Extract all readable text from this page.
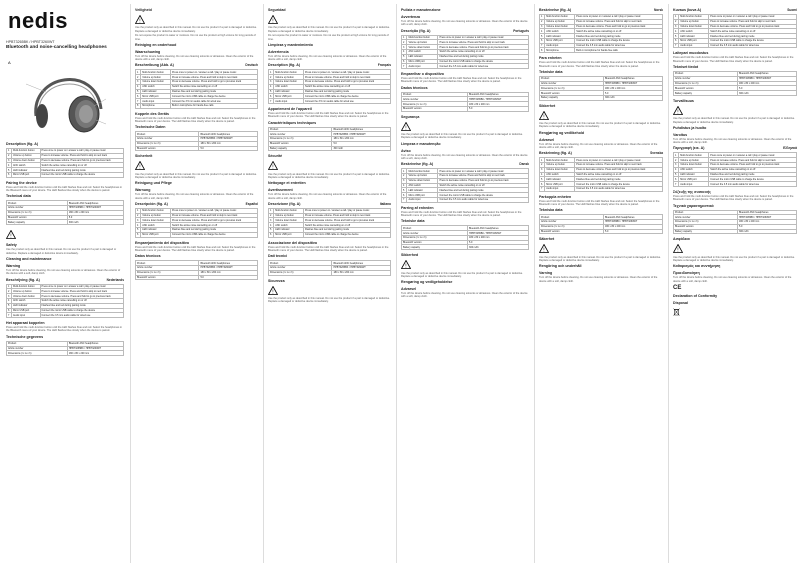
nedis
HPBT3265BK / HPBT3260WT
Bluetooth and noise-cancelling headphones
A
Description (fig. A)
1	Multi-function button	Press once to power on / answer a call / play or pause music
2	Volume up button	Press to increase volume. Press and hold to skip to next track
3	Volume down button	Press to decrease volume. Press and hold to go to previous track
4	ANC switch	Switch the active noise cancelling on or off
5	LED indicator	Flashes blue and red during pairing mode
6	Micro USB port	Connect the micro USB cable to charge the device
Pairing the device
Press and hold the multi-function button until the LED flashes blue and red. Select the headphones in the Bluetooth menu of your device. The LED flashes blue slowly when the device is paired.
Technical data
Product	Bluetooth ANC headphones
Article number	HPBT3265BK / HPBT3260WT
Dimensions (l x w x h)	180 x 80 x 200 mm
Bluetooth version	5.0
Battery capacity	300 mAh
!
Safety
Use the product only as described in this manual. Do not use the product if a part is damaged or defective. Replace a damaged or defective device immediately.
Cleaning and maintenance
Warning
Turn off the device before cleaning. Do not use cleaning solvents or abrasives. Clean the exterior of the device with a soft, damp cloth.
Beschrijving (fig. A)	Nederlands
1	Multi-function button	Press once to power on / answer a call / play or pause music
2	Volume up button	Press to increase volume. Press and hold to skip to next track
3	Volume down button	Press to decrease volume. Press and hold to go to previous track
4	ANC switch	Switch the active noise cancelling on or off
5	LED indicator	Flashes blue and red during pairing mode
6	Micro USB port	Connect the micro USB cable to charge the device
7	Audio input	Connect the 3.5 mm audio cable for wired use
Het apparaat koppelen
Press and hold the multi-function button until the LED flashes blue and red. Select the headphones in the Bluetooth menu of your device. The LED flashes blue slowly when the device is paired.
Technische gegevens
Product	Bluetooth ANC headphones
Article number	HPBT3265BK / HPBT3260WT
Dimensions (l x w x h)	180 x 80 x 200 mm
Veiligheid
!
Use the product only as described in this manual. Do not use the product if a part is damaged or defective. Replace a damaged or defective device immediately.
Do not expose the product to water or moisture. Do not use the product at high volume for long periods of time.
Reiniging en onderhoud
Waarschuwing
Turn off the device before cleaning. Do not use cleaning solvents or abrasives. Clean the exterior of the device with a soft, damp cloth.
Beschreibung (Abb. A)	Deutsch
1	Multi-function button	Press once to power on / answer a call / play or pause music
2	Volume up button	Press to increase volume. Press and hold to skip to next track
3	Volume down button	Press to decrease volume. Press and hold to go to previous track
4	ANC switch	Switch the active noise cancelling on or off
5	LED indicator	Flashes blue and red during pairing mode
6	Micro USB port	Connect the micro USB cable to charge the device
7	Audio input	Connect the 3.5 mm audio cable for wired use
8	Microphone	Built-in microphone for hands-free calls
Koppeln des Geräts
Press and hold the multi-function button until the LED flashes blue and red. Select the headphones in the Bluetooth menu of your device. The LED flashes blue slowly when the device is paired.
Technische Daten
Product	Bluetooth ANC headphones
Article number	HPBT3265BK / HPBT3260WT
Dimensions (l x w x h)	180 x 80 x 200 mm
Bluetooth version	5.0
Sicherheit
!
Use the product only as described in this manual. Do not use the product if a part is damaged or defective. Replace a damaged or defective device immediately.
Reinigung und Pflege
Warnung
Turn off the device before cleaning. Do not use cleaning solvents or abrasives. Clean the exterior of the device with a soft, damp cloth.
Descripción (fig. A)	Español
1	Multi-function button	Press once to power on / answer a call / play or pause music
2	Volume up button	Press to increase volume. Press and hold to skip to next track
3	Volume down button	Press to decrease volume. Press and hold to go to previous track
4	ANC switch	Switch the active noise cancelling on or off
5	LED indicator	Flashes blue and red during pairing mode
6	Micro USB port	Connect the micro USB cable to charge the device
Emparejamiento del dispositivo
Press and hold the multi-function button until the LED flashes blue and red. Select the headphones in the Bluetooth menu of your device. The LED flashes blue slowly when the device is paired.
Datos técnicos
Product	Bluetooth ANC headphones
Article number	HPBT3265BK / HPBT3260WT
Dimensions (l x w x h)	180 x 80 x 200 mm
Bluetooth version	5.0
Seguridad
!
Use the product only as described in this manual. Do not use the product if a part is damaged or defective. Replace a damaged or defective device immediately.
Do not expose the product to water or moisture. Do not use the product at high volume for long periods of time.
Limpieza y mantenimiento
Advertencia
Turn off the device before cleaning. Do not use cleaning solvents or abrasives. Clean the exterior of the device with a soft, damp cloth.
Description (fig. A)	Français
1	Multi-function button	Press once to power on / answer a call / play or pause music
2	Volume up button	Press to increase volume. Press and hold to skip to next track
3	Volume down button	Press to decrease volume. Press and hold to go to previous track
4	ANC switch	Switch the active noise cancelling on or off
5	LED indicator	Flashes blue and red during pairing mode
6	Micro USB port	Connect the micro USB cable to charge the device
7	Audio input	Connect the 3.5 mm audio cable for wired use
Appariement de l'appareil
Press and hold the multi-function button until the LED flashes blue and red. Select the headphones in the Bluetooth menu of your device. The LED flashes blue slowly when the device is paired.
Caractéristiques techniques
Product	Bluetooth ANC headphones
Article number	HPBT3265BK / HPBT3260WT
Dimensions (l x w x h)	180 x 80 x 200 mm
Bluetooth version	5.0
Battery capacity	300 mAh
Sécurité
!
Use the product only as described in this manual. Do not use the product if a part is damaged or defective. Replace a damaged or defective device immediately.
Nettoyage et entretien
Avertissement
Turn off the device before cleaning. Do not use cleaning solvents or abrasives. Clean the exterior of the device with a soft, damp cloth.
Descrizione (fig. A)	Italiano
1	Multi-function button	Press once to power on / answer a call / play or pause music
2	Volume up button	Press to increase volume. Press and hold to skip to next track
3	Volume down button	Press to decrease volume. Press and hold to go to previous track
4	ANC switch	Switch the active noise cancelling on or off
5	LED indicator	Flashes blue and red during pairing mode
6	Micro USB port	Connect the micro USB cable to charge the device
Associazione del dispositivo
Press and hold the multi-function button until the LED flashes blue and red. Select the headphones in the Bluetooth menu of your device. The LED flashes blue slowly when the device is paired.
Dati tecnici
Product	Bluetooth ANC headphones
Article number	HPBT3265BK / HPBT3260WT
Dimensions (l x w x h)	180 x 80 x 200 mm
Sicurezza
!
Use the product only as described in this manual. Do not use the product if a part is damaged or defective. Replace a damaged or defective device immediately.
Pulizia e manutenzione
Avvertenza
Turn off the device before cleaning. Do not use cleaning solvents or abrasives. Clean the exterior of the device with a soft, damp cloth.
Descrição (fig. A)	Português
1	Multi-function button	Press once to power on / answer a call / play or pause music
2	Volume up button	Press to increase volume. Press and hold to skip to next track
3	Volume down button	Press to decrease volume. Press and hold to go to previous track
4	ANC switch	Switch the active noise cancelling on or off
5	LED indicator	Flashes blue and red during pairing mode
6	Micro USB port	Connect the micro USB cable to charge the device
7	Audio input	Connect the 3.5 mm audio cable for wired use
Emparelhar o dispositivo
Press and hold the multi-function button until the LED flashes blue and red. Select the headphones in the Bluetooth menu of your device. The LED flashes blue slowly when the device is paired.
Dados técnicos
Product	Bluetooth ANC headphones
Article number	HPBT3265BK / HPBT3260WT
Dimensions (l x w x h)	180 x 80 x 200 mm
Bluetooth version	5.0
Segurança
!
Use the product only as described in this manual. Do not use the product if a part is damaged or defective. Replace a damaged or defective device immediately.
Limpeza e manutenção
Aviso
Turn off the device before cleaning. Do not use cleaning solvents or abrasives. Clean the exterior of the device with a soft, damp cloth.
Beskrivelse (fig. A)	Dansk
1	Multi-function button	Press once to power on / answer a call / play or pause music
2	Volume up button	Press to increase volume. Press and hold to skip to next track
3	Volume down button	Press to decrease volume. Press and hold to go to previous track
4	ANC switch	Switch the active noise cancelling on or off
5	LED indicator	Flashes blue and red during pairing mode
6	Micro USB port	Connect the micro USB cable to charge the device
7	Audio input	Connect the 3.5 mm audio cable for wired use
Parring af enheden
Press and hold the multi-function button until the LED flashes blue and red. Select the headphones in the Bluetooth menu of your device. The LED flashes blue slowly when the device is paired.
Tekniske data
Product	Bluetooth ANC headphones
Article number	HPBT3265BK / HPBT3260WT
Dimensions (l x w x h)	180 x 80 x 200 mm
Bluetooth version	5.0
Battery capacity	300 mAh
Sikkerhed
!
Use the product only as described in this manual. Do not use the product if a part is damaged or defective. Replace a damaged or defective device immediately.
Rengøring og vedligeholdelse
Advarsel
Turn off the device before cleaning. Do not use cleaning solvents or abrasives. Clean the exterior of the device with a soft, damp cloth.
Beskrivelse (fig. A)	Norsk
1	Multi-function button	Press once to power on / answer a call / play or pause music
2	Volume up button	Press to increase volume. Press and hold to skip to next track
3	Volume down button	Press to decrease volume. Press and hold to go to previous track
4	ANC switch	Switch the active noise cancelling on or off
5	LED indicator	Flashes blue and red during pairing mode
6	Micro USB port	Connect the micro USB cable to charge the device
7	Audio input	Connect the 3.5 mm audio cable for wired use
8	Microphone	Built-in microphone for hands-free calls
Para enheten
Press and hold the multi-function button until the LED flashes blue and red. Select the headphones in the Bluetooth menu of your device. The LED flashes blue slowly when the device is paired.
Tekniske data
Product	Bluetooth ANC headphones
Article number	HPBT3265BK / HPBT3260WT
Dimensions (l x w x h)	180 x 80 x 200 mm
Bluetooth version	5.0
Battery capacity	300 mAh
Sikkerhet
!
Use the product only as described in this manual. Do not use the product if a part is damaged or defective. Replace a damaged or defective device immediately.
Rengjøring og vedlikehold
Advarsel
Turn off the device before cleaning. Do not use cleaning solvents or abrasives. Clean the exterior of the device with a soft, damp cloth.
Beskrivning (fig. A)	Svenska
1	Multi-function button	Press once to power on / answer a call / play or pause music
2	Volume up button	Press to increase volume. Press and hold to skip to next track
3	Volume down button	Press to decrease volume. Press and hold to go to previous track
4	ANC switch	Switch the active noise cancelling on or off
5	LED indicator	Flashes blue and red during pairing mode
6	Micro USB port	Connect the micro USB cable to charge the device
7	Audio input	Connect the 3.5 mm audio cable for wired use
Parkoppla enheten
Press and hold the multi-function button until the LED flashes blue and red. Select the headphones in the Bluetooth menu of your device. The LED flashes blue slowly when the device is paired.
Tekniska data
Product	Bluetooth ANC headphones
Article number	HPBT3265BK / HPBT3260WT
Dimensions (l x w x h)	180 x 80 x 200 mm
Bluetooth version	5.0
Säkerhet
!
Use the product only as described in this manual. Do not use the product if a part is damaged or defective. Replace a damaged or defective device immediately.
Rengöring och underhåll
Varning
Turn off the device before cleaning. Do not use cleaning solvents or abrasives. Clean the exterior of the device with a soft, damp cloth.
Kuvaus (kuva A)	Suomi
1	Multi-function button	Press once to power on / answer a call / play or pause music
2	Volume up button	Press to increase volume. Press and hold to skip to next track
3	Volume down button	Press to decrease volume. Press and hold to go to previous track
4	ANC switch	Switch the active noise cancelling on or off
5	LED indicator	Flashes blue and red during pairing mode
6	Micro USB port	Connect the micro USB cable to charge the device
7	Audio input	Connect the 3.5 mm audio cable for wired use
Laitepari muodostus
Press and hold the multi-function button until the LED flashes blue and red. Select the headphones in the Bluetooth menu of your device. The LED flashes blue slowly when the device is paired.
Tekniset tiedot
Product	Bluetooth ANC headphones
Article number	HPBT3265BK / HPBT3260WT
Dimensions (l x w x h)	180 x 80 x 200 mm
Bluetooth version	5.0
Battery capacity	300 mAh
Turvallisuus
!
Use the product only as described in this manual. Do not use the product if a part is damaged or defective. Replace a damaged or defective device immediately.
Puhdistus ja huolto
Varoitus
Turn off the device before cleaning. Do not use cleaning solvents or abrasives. Clean the exterior of the device with a soft, damp cloth.
Περιγραφή (εικ. A)	Ελληνικά
1	Multi-function button	Press once to power on / answer a call / play or pause music
2	Volume up button	Press to increase volume. Press and hold to skip to next track
3	Volume down button	Press to decrease volume. Press and hold to go to previous track
4	ANC switch	Switch the active noise cancelling on or off
5	LED indicator	Flashes blue and red during pairing mode
6	Micro USB port	Connect the micro USB cable to charge the device
7	Audio input	Connect the 3.5 mm audio cable for wired use
Σύζευξη της συσκευής
Press and hold the multi-function button until the LED flashes blue and red. Select the headphones in the Bluetooth menu of your device. The LED flashes blue slowly when the device is paired.
Τεχνικά χαρακτηριστικά
Product	Bluetooth ANC headphones
Article number	HPBT3265BK / HPBT3260WT
Dimensions (l x w x h)	180 x 80 x 200 mm
Bluetooth version	5.0
Battery capacity	300 mAh
Ασφάλεια
!
Use the product only as described in this manual. Do not use the product if a part is damaged or defective. Replace a damaged or defective device immediately.
Καθαρισμός και συντήρηση
Προειδοποίηση
Turn off the device before cleaning. Do not use cleaning solvents or abrasives. Clean the exterior of the device with a soft, damp cloth.
CE
Declaration of Conformity
Disposal
